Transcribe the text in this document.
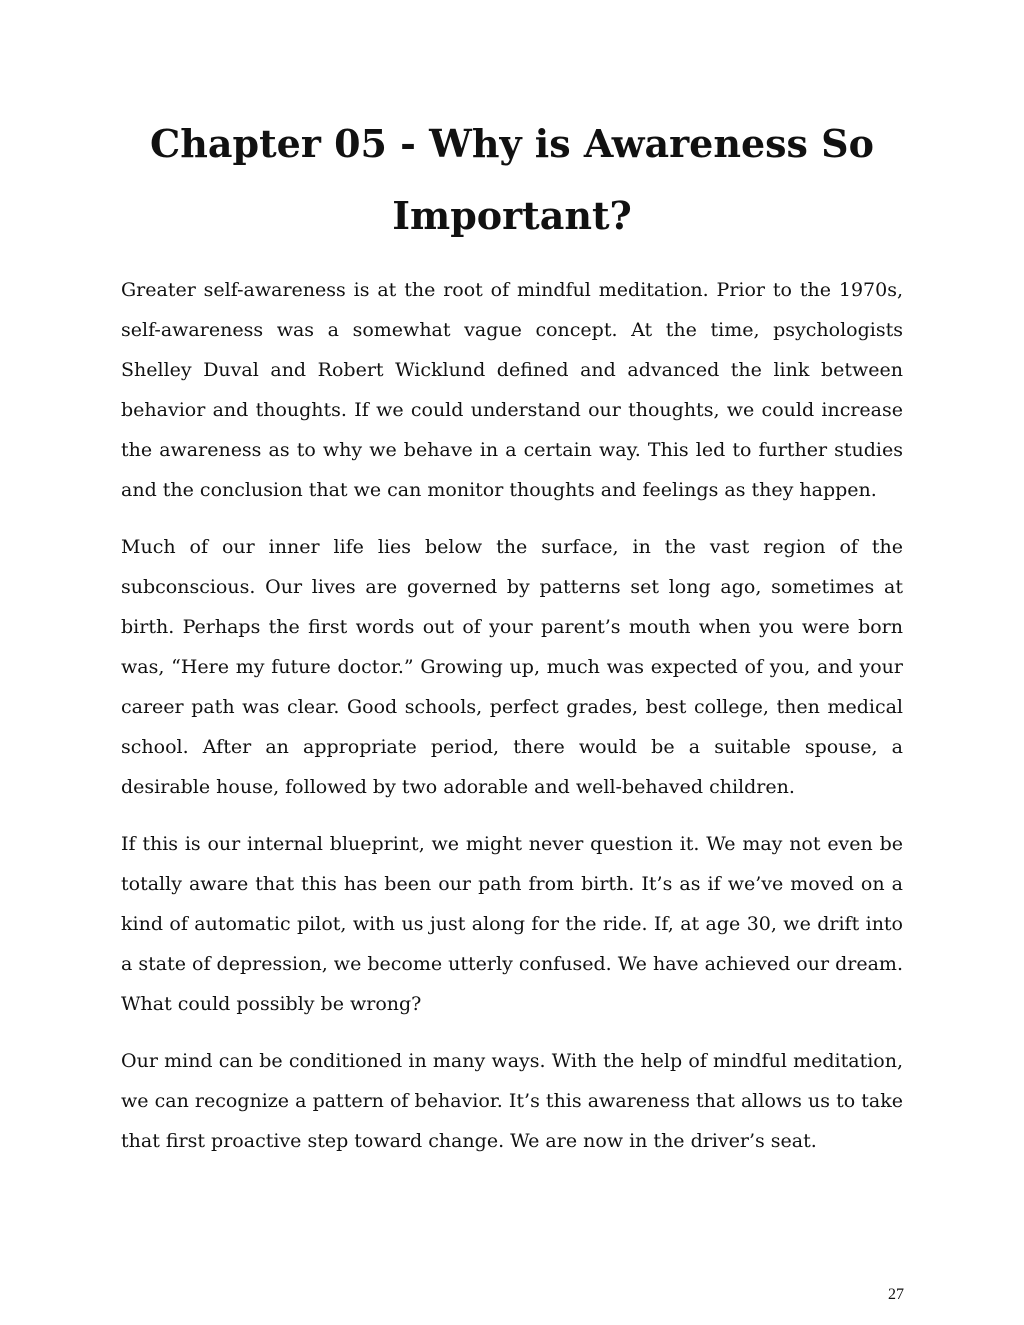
Chapter 05 - Why is Awareness So Important?

Greater self-awareness is at the root of mindful meditation. Prior to the 1970s, self-awareness was a somewhat vague concept. At the time, psychologists Shelley Duval and Robert Wicklund defined and advanced the link between behavior and thoughts. If we could understand our thoughts, we could increase the awareness as to why we behave in a certain way. This led to further studies and the conclusion that we can monitor thoughts and feelings as they happen.

Much of our inner life lies below the surface, in the vast region of the subconscious. Our lives are governed by patterns set long ago, sometimes at birth. Perhaps the first words out of your parent’s mouth when you were born was, “Here my future doctor.” Growing up, much was expected of you, and your career path was clear. Good schools, perfect grades, best college, then medical school. After an appropriate period, there would be a suitable spouse, a desirable house, followed by two adorable and well-behaved children.

If this is our internal blueprint, we might never question it. We may not even be totally aware that this has been our path from birth. It’s as if we’ve moved on a kind of automatic pilot, with us just along for the ride. If, at age 30, we drift into a state of depression, we become utterly confused. We have achieved our dream. What could possibly be wrong?

Our mind can be conditioned in many ways. With the help of mindful meditation, we can recognize a pattern of behavior. It’s this awareness that allows us to take that first proactive step toward change. We are now in the driver’s seat.

27
